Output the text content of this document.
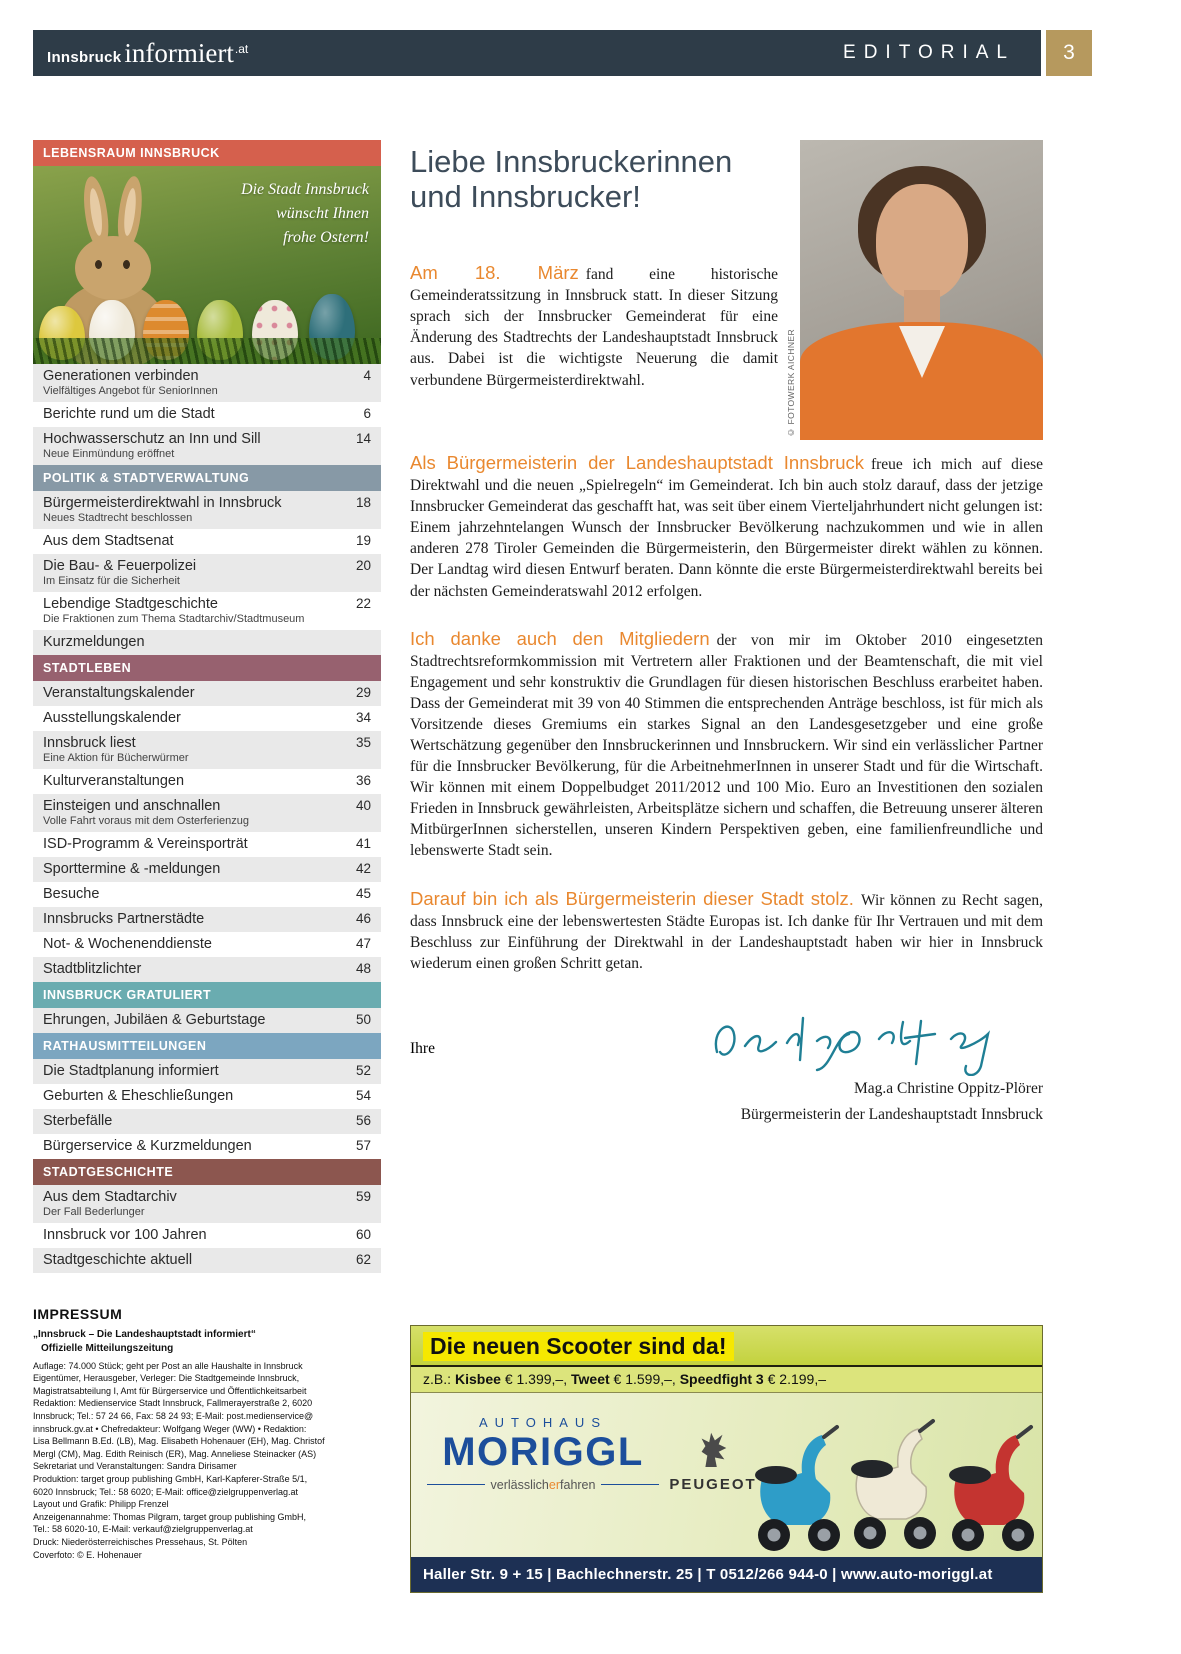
Innsbruck informiert .at	EDITORIAL	3
LEBENSRAUM INNSBRUCK
Die Stadt Innsbruck
wünscht Ihnen
frohe Ostern!
Generationen verbinden	4
Vielfältiges Angebot für SeniorInnen
Berichte rund um die Stadt	6
Hochwasserschutz an Inn und Sill	14
Neue Einmündung eröffnet
POLITIK & STADTVERWALTUNG
Bürgermeisterdirektwahl in Innsbruck	18
Neues Stadtrecht beschlossen
Aus dem Stadtsenat	19
Die Bau- & Feuerpolizei	20
Im Einsatz für die Sicherheit
Lebendige Stadtgeschichte	22
Die Fraktionen zum Thema Stadtarchiv/Stadtmuseum
Kurzmeldungen
STADTLEBEN
Veranstaltungskalender	29
Ausstellungskalender	34
Innsbruck liest	35
Eine Aktion für Bücherwürmer
Kulturveranstaltungen	36
Einsteigen und anschnallen	40
Volle Fahrt voraus mit dem Osterferienzug
ISD-Programm & Vereinsporträt	41
Sporttermine & -meldungen	42
Besuche	45
Innsbrucks Partnerstädte	46
Not- & Wochenenddienste	47
Stadtblitzlichter	48
INNSBRUCK GRATULIERT
Ehrungen, Jubiläen & Geburtstage	50
RATHAUSMITTEILUNGEN
Die Stadtplanung informiert	52
Geburten & Eheschließungen	54
Sterbefälle	56
Bürgerservice & Kurzmeldungen	57
STADTGESCHICHTE
Aus dem Stadtarchiv	59
Der Fall Bederlunger
Innsbruck vor 100 Jahren	60
Stadtgeschichte aktuell	62
IMPRESSUM
„Innsbruck – Die Landeshauptstadt informiert“
Offizielle Mitteilungszeitung
Auflage: 74.000 Stück; geht per Post an alle Haushalte in Innsbruck
Eigentümer, Herausgeber, Verleger: Die Stadtgemeinde Innsbruck,
Magistratsabteilung I, Amt für Bürgerservice und Öffentlichkeitsarbeit
Redaktion: Medienservice Stadt Innsbruck, Fallmerayerstraße 2, 6020
Innsbruck; Tel.: 57 24 66, Fax: 58 24 93; E-Mail: post.medienservice@
innsbruck.gv.at • Chefredakteur: Wolfgang Weger (WW) • Redaktion:
Lisa Bellmann B.Ed. (LB), Mag. Elisabeth Hohenauer (EH), Mag. Christof
Mergl (CM), Mag. Edith Reinisch (ER), Mag. Anneliese Steinacker (AS)
Sekretariat und Veranstaltungen: Sandra Dirisamer
Produktion: target group publishing GmbH, Karl-Kapferer-Straße 5/1,
6020 Innsbruck; Tel.: 58 6020; E-Mail: office@zielgruppenverlag.at
Layout und Grafik: Philipp Frenzel
Anzeigenannahme: Thomas Pilgram, target group publishing GmbH,
Tel.: 58 6020-10, E-Mail: verkauf@zielgruppenverlag.at
Druck: Niederösterreichisches Pressehaus, St. Pölten
Coverfoto: © E. Hohenauer
© FOTOWERK AICHNER
Liebe Innsbruckerinnen und Innsbrucker!

Am 18. März fand eine historische Gemeinderatssitzung in Innsbruck statt. In dieser Sitzung sprach sich der Innsbrucker Gemeinderat für eine Änderung des Stadtrechts der Landeshauptstadt Innsbruck aus. Dabei ist die wichtigste Neuerung die damit verbundene Bürgermeisterdirektwahl.

Als Bürgermeisterin der Landeshauptstadt Innsbruck freue ich mich auf diese Direktwahl und die neuen „Spielregeln“ im Gemeinderat. Ich bin auch stolz darauf, dass der jetzige Innsbrucker Gemeinderat das geschafft hat, was seit über einem Vierteljahrhundert nicht gelungen ist: Einem jahrzehntelangen Wunsch der Innsbrucker Bevölkerung nachzukommen und wie in allen anderen 278 Tiroler Gemeinden die Bürgermeisterin, den Bürgermeister direkt wählen zu können. Der Landtag wird diesen Entwurf beraten. Dann könnte die erste Bürgermeisterdirektwahl bereits bei der nächsten Gemeinderatswahl 2012 erfolgen.

Ich danke auch den Mitgliedern der von mir im Oktober 2010 eingesetzten Stadtrechtsreformkommission mit Vertretern aller Fraktionen und der Beamtenschaft, die mit viel Engagement und sehr konstruktiv die Grundlagen für diesen historischen Beschluss erarbeitet haben. Dass der Gemeinderat mit 39 von 40 Stimmen die entsprechenden Anträge beschloss, ist für mich als Vorsitzende dieses Gremiums ein starkes Signal an den Landesgesetzgeber und eine große Wertschätzung gegenüber den Innsbruckerinnen und Innsbruckern. Wir sind ein verlässlicher Partner für die Innsbrucker Bevölkerung, für die ArbeitnehmerInnen in unserer Stadt und für die Wirtschaft. Wir können mit einem Doppelbudget 2011/2012 und 100 Mio. Euro an Investitionen den sozialen Frieden in Innsbruck gewährleisten, Arbeitsplätze sichern und schaffen, die Betreuung unserer älteren MitbürgerInnen sicherstellen, unseren Kindern Perspektiven geben, eine familienfreundliche und lebenswerte Stadt sein.

Darauf bin ich als Bürgermeisterin dieser Stadt stolz. Wir können zu Recht sagen, dass Innsbruck eine der lebenswertesten Städte Europas ist. Ich danke für Ihr Vertrauen und mit dem Beschluss zur Einführung der Direktwahl in der Landeshauptstadt haben wir hier in Innsbruck wiederum einen großen Schritt getan.

Ihre
Mag.a Christine Oppitz-Plörer
Bürgermeisterin der Landeshauptstadt Innsbruck
Die neuen Scooter sind da!
z.B.: Kisbee € 1.399,– , Tweet € 1.599,– , Speedfight 3 € 2.199,–
AUTOHAUS
MORIGGL
verlässlicherfahren	PEUGEOT
Haller Str. 9 + 15 | Bachlechnerstr. 25 | T 0512/266 944-0 | www.auto-moriggl.at
